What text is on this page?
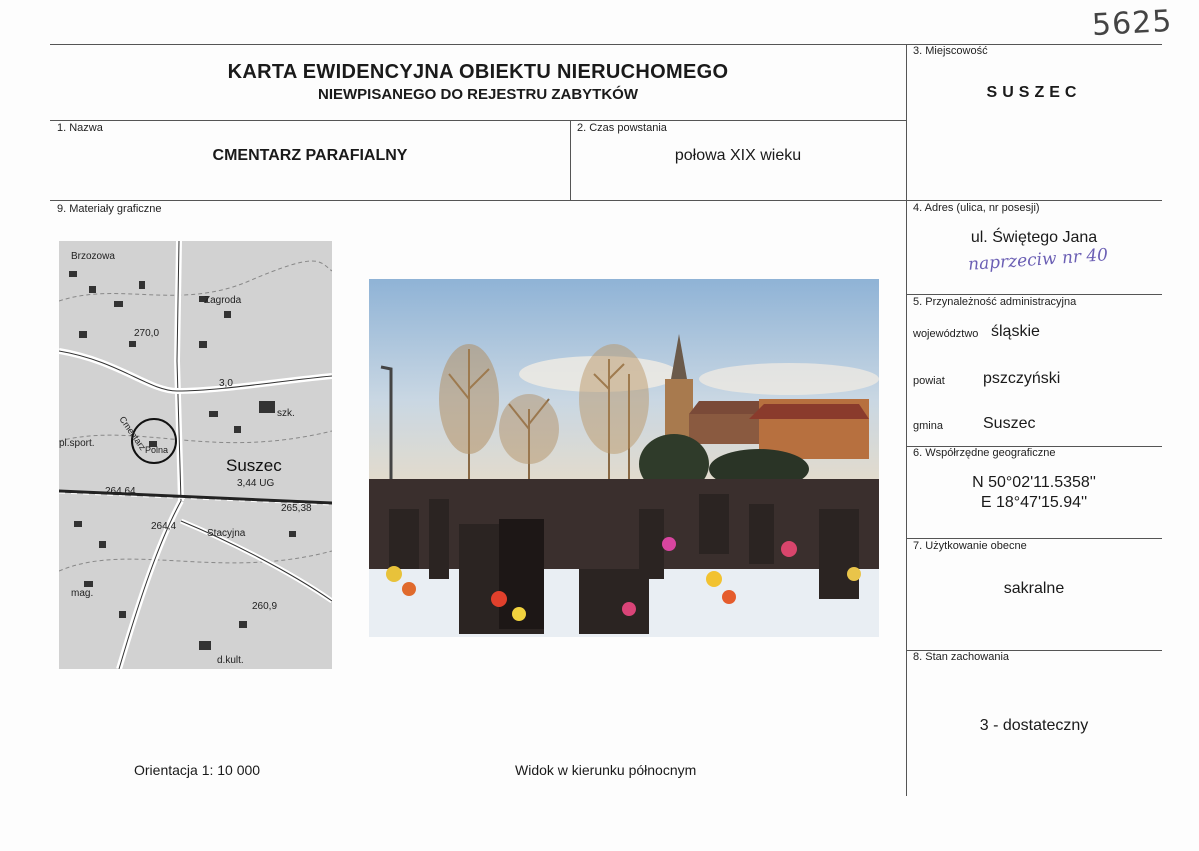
5625
KARTA EWIDENCYJNA OBIEKTU NIERUCHOMEGO
NIEWPISANEGO DO REJESTRU ZABYTKÓW
3. Miejscowość
SUSZEC
1. Nazwa
CMENTARZ PARAFIALNY
2. Czas powstania
połowa XIX wieku
9. Materiały graficzne	4. Adres (ulica, nr posesji)
ul. Świętego Jana
naprzeciw nr 40
5. Przynależność administracyjna
województwo śląskie
powiat pszczyński
gmina	Suszec
6. Współrzędne geograficzne
N 50°02'11.5358''
E 18°47'15.94''
7. Użytkowanie obecne
sakralne
8. Stan zachowania
3 - dostateczny
Brzozowa
Zagroda
270,0
3,0
szk.
Cmentarz
Polna
pl.sport.
Suszec
3,44 UG
264,64
265,38
264,4
Stacyjna
mag.
260,9
d.kult.
Orientacja 1: 10 000	Widok w kierunku północnym
